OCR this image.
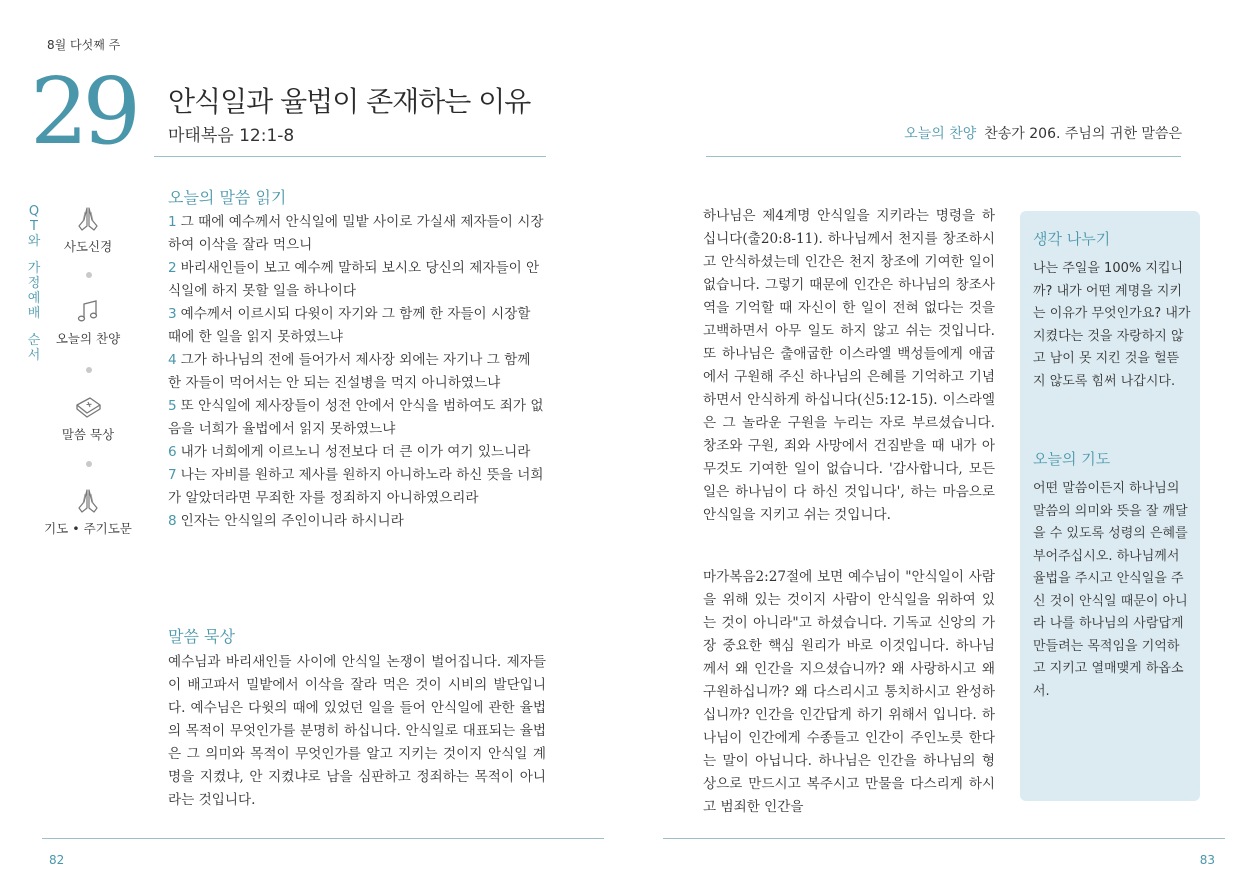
8월 다섯째 주
29 안식일과 율법이 존재하는 이유
마태복음 12:1-8	오늘의 찬양 찬송가 206. 주님의 귀한 말씀은
Q
T
와
가
정
예
배
순
서
사도신경
오늘의 찬양
말씀 묵상
기도 • 주기도문
오늘의 말씀 읽기
1 그 때에 예수께서 안식일에 밀밭 사이로 가실새 제자들이 시장하여 이삭을 잘라 먹으니
2 바리새인들이 보고 예수께 말하되 보시오 당신의 제자들이 안식일에 하지 못할 일을 하나이다
3 예수께서 이르시되 다윗이 자기와 그 함께 한 자들이 시장할 때에 한 일을 읽지 못하였느냐
4 그가 하나님의 전에 들어가서 제사장 외에는 자기나 그 함께 한 자들이 먹어서는 안 되는 진설병을 먹지 아니하였느냐
5 또 안식일에 제사장들이 성전 안에서 안식을 범하여도 죄가 없음을 너희가 율법에서 읽지 못하였느냐
6 내가 너희에게 이르노니 성전보다 더 큰 이가 여기 있느니라
7 나는 자비를 원하고 제사를 원하지 아니하노라 하신 뜻을 너희가 알았더라면 무죄한 자를 정죄하지 아니하였으리라
8 인자는 안식일의 주인이니라 하시니라
말씀 묵상
예수님과 바리새인들 사이에 안식일 논쟁이 벌어집니다. 제자들이 배고파서 밀밭에서 이삭을 잘라 먹은 것이 시비의 발단입니다. 예수님은 다윗의 때에 있었던 일을 들어 안식일에 관한 율법의 목적이 무엇인가를 분명히 하십니다. 안식일로 대표되는 율법은 그 의미와 목적이 무엇인가를 알고 지키는 것이지 안식일 계명을 지켰냐, 안 지켰냐로 남을 심판하고 정죄하는 목적이 아니라는 것입니다.
하나님은 제4계명 안식일을 지키라는 명령을 하십니다(출20:8-11). 하나님께서 천지를 창조하시고 안식하셨는데 인간은 천지 창조에 기여한 일이 없습니다. 그렇기 때문에 인간은 하나님의 창조사역을 기억할 때 자신이 한 일이 전혀 없다는 것을 고백하면서 아무 일도 하지 않고 쉬는 것입니다. 또 하나님은 출애굽한 이스라엘 백성들에게 애굽에서 구원해 주신 하나님의 은혜를 기억하고 기념하면서 안식하게 하십니다(신5:12-15). 이스라엘은 그 놀라운 구원을 누리는 자로 부르셨습니다. 창조와 구원, 죄와 사망에서 건짐받을 때 내가 아무것도 기여한 일이 없습니다. '감사합니다, 모든 일은 하나님이 다 하신 것입니다', 하는 마음으로 안식일을 지키고 쉬는 것입니다.
마가복음2:27절에 보면 예수님이 "안식일이 사람을 위해 있는 것이지 사람이 안식일을 위하여 있는 것이 아니라"고 하셨습니다. 기독교 신앙의 가장 중요한 핵심 원리가 바로 이것입니다. 하나님께서 왜 인간을 지으셨습니까? 왜 사랑하시고 왜 구원하십니까? 왜 다스리시고 통치하시고 완성하십니까? 인간을 인간답게 하기 위해서 입니다. 하나님이 인간에게 수종들고 인간이 주인노릇 한다는 말이 아닙니다. 하나님은 인간을 하나님의 형상으로 만드시고 복주시고 만물을 다스리게 하시고 범죄한 인간을
생각 나누기
나는 주일을 100% 지킵니까? 내가 어떤 계명을 지키는 이유가 무엇인가요? 내가 지켰다는 것을 자랑하지 않고 남이 못 지킨 것을 헐뜯지 않도록 힘써 나갑시다.
오늘의 기도
어떤 말씀이든지 하나님의 말씀의 의미와 뜻을 잘 깨달을 수 있도록 성령의 은혜를 부어주십시오. 하나님께서 율법을 주시고 안식일을 주신 것이 안식일 때문이 아니라 나를 하나님의 사람답게 만들려는 목적임을 기억하고 지키고 열매맺게 하옵소서.
82	83
